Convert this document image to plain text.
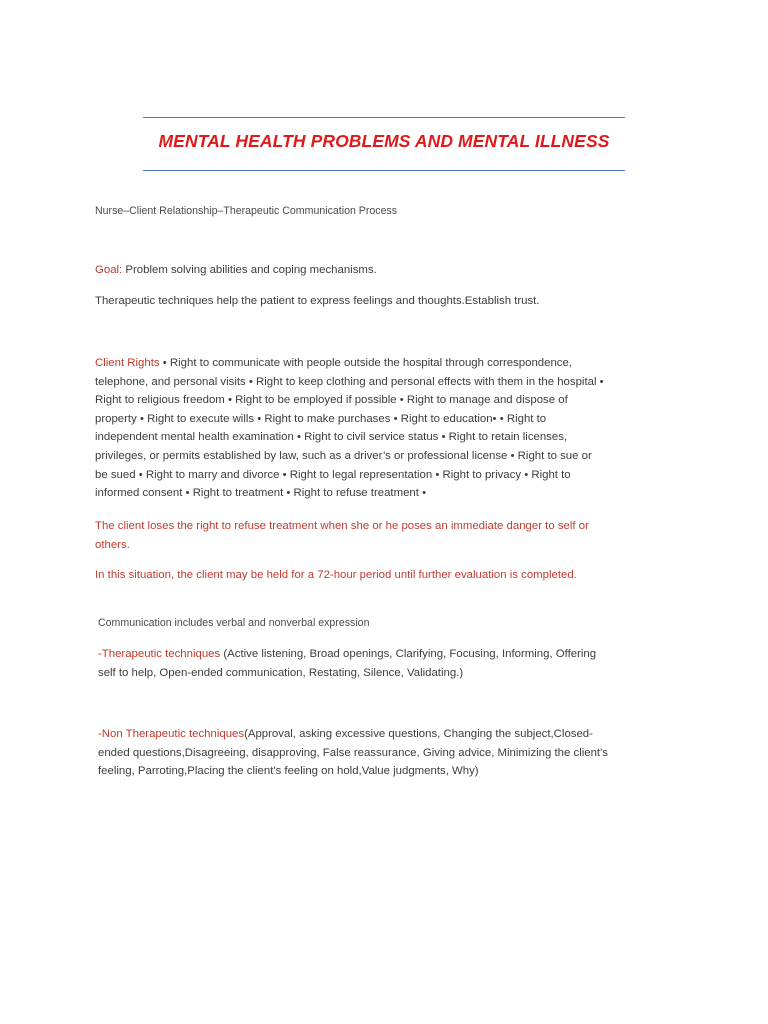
MENTAL HEALTH PROBLEMS AND MENTAL ILLNESS

Nurse–Client Relationship–Therapeutic Communication Process

Goal: Problem solving abilities and coping mechanisms.

Therapeutic techniques help the patient to express feelings and thoughts.Establish trust.

Client Rights • Right to communicate with people outside the hospital through correspondence, telephone, and personal visits • Right to keep clothing and personal effects with them in the hospital • Right to religious freedom • Right to be employed if possible • Right to manage and dispose of property • Right to execute wills • Right to make purchases • Right to education• • Right to independent mental health examination • Right to civil service status • Right to retain licenses, privileges, or permits established by law, such as a driver’s or professional license • Right to sue or be sued • Right to marry and divorce • Right to legal representation • Right to privacy • Right to informed consent • Right to treatment • Right to refuse treatment •

The client loses the right to refuse treatment when she or he poses an immediate danger to self or others.

In this situation, the client may be held for a 72-hour period until further evaluation is completed.

Communication includes verbal and nonverbal expression

-Therapeutic techniques (Active listening, Broad openings, Clarifying, Focusing, Informing, Offering self to help, Open-ended communication, Restating, Silence, Validating.)

-Non Therapeutic techniques(Approval, asking excessive questions, Changing the subject,Closed-ended questions,Disagreeing, disapproving, False reassurance, Giving advice, Minimizing the client's feeling, Parroting,Placing the client's feeling on hold,Value judgments, Why)
